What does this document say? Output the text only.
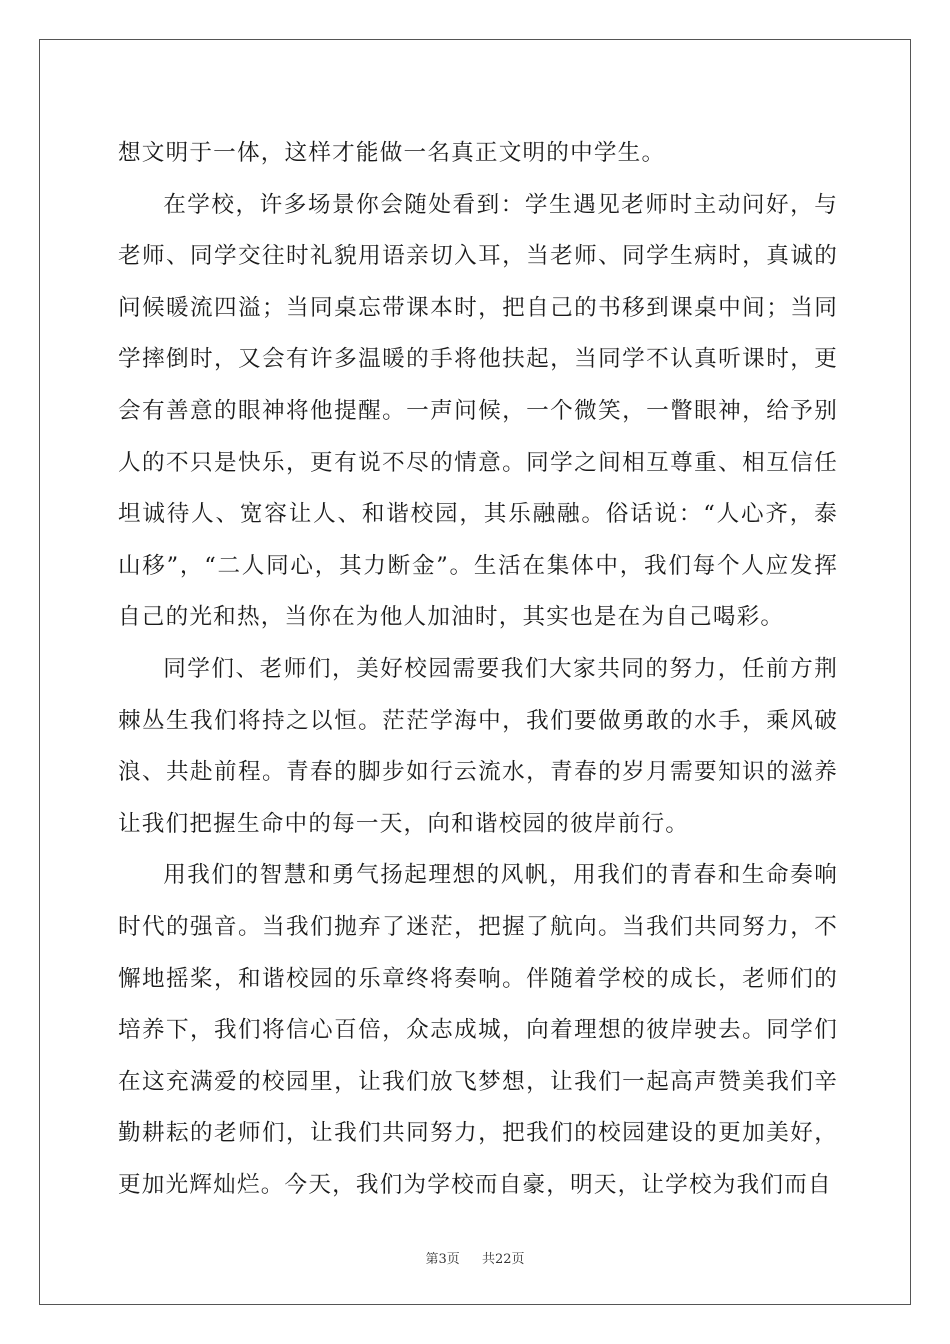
想文明于一体，这样才能做一名真正文明的中学生。

在学校，许多场景你会随处看到：学生遇见老师时主动问好，与老师、同学交往时礼貌用语亲切入耳，当老师、同学生病时，真诚的问候暖流四溢；当同桌忘带课本时，把自己的书移到课桌中间；当同学摔倒时，又会有许多温暖的手将他扶起，当同学不认真听课时，更会有善意的眼神将他提醒。一声问候，一个微笑，一瞥眼神，给予别人的不只是快乐，更有说不尽的情意。同学之间相互尊重、相互信任坦诚待人、宽容让人、和谐校园，其乐融融。俗话说：“人心齐，泰山移”，“二人同心，其力断金”。生活在集体中，我们每个人应发挥自己的光和热，当你在为他人加油时，其实也是在为自己喝彩。

同学们、老师们，美好校园需要我们大家共同的努力，任前方荆棘丛生我们将持之以恒。茫茫学海中，我们要做勇敢的水手，乘风破浪、共赴前程。青春的脚步如行云流水，青春的岁月需要知识的滋养让我们把握生命中的每一天，向和谐校园的彼岸前行。

用我们的智慧和勇气扬起理想的风帆，用我们的青春和生命奏响时代的强音。当我们抛弃了迷茫，把握了航向。当我们共同努力，不懈地摇桨，和谐校园的乐章终将奏响。伴随着学校的成长，老师们的培养下，我们将信心百倍，众志成城，向着理想的彼岸驶去。同学们在这充满爱的校园里，让我们放飞梦想，让我们一起高声赞美我们辛勤耕耘的老师们，让我们共同努力，把我们的校园建设的更加美好，更加光辉灿烂。今天，我们为学校而自豪，明天，让学校为我们而自

第3页 共22页
